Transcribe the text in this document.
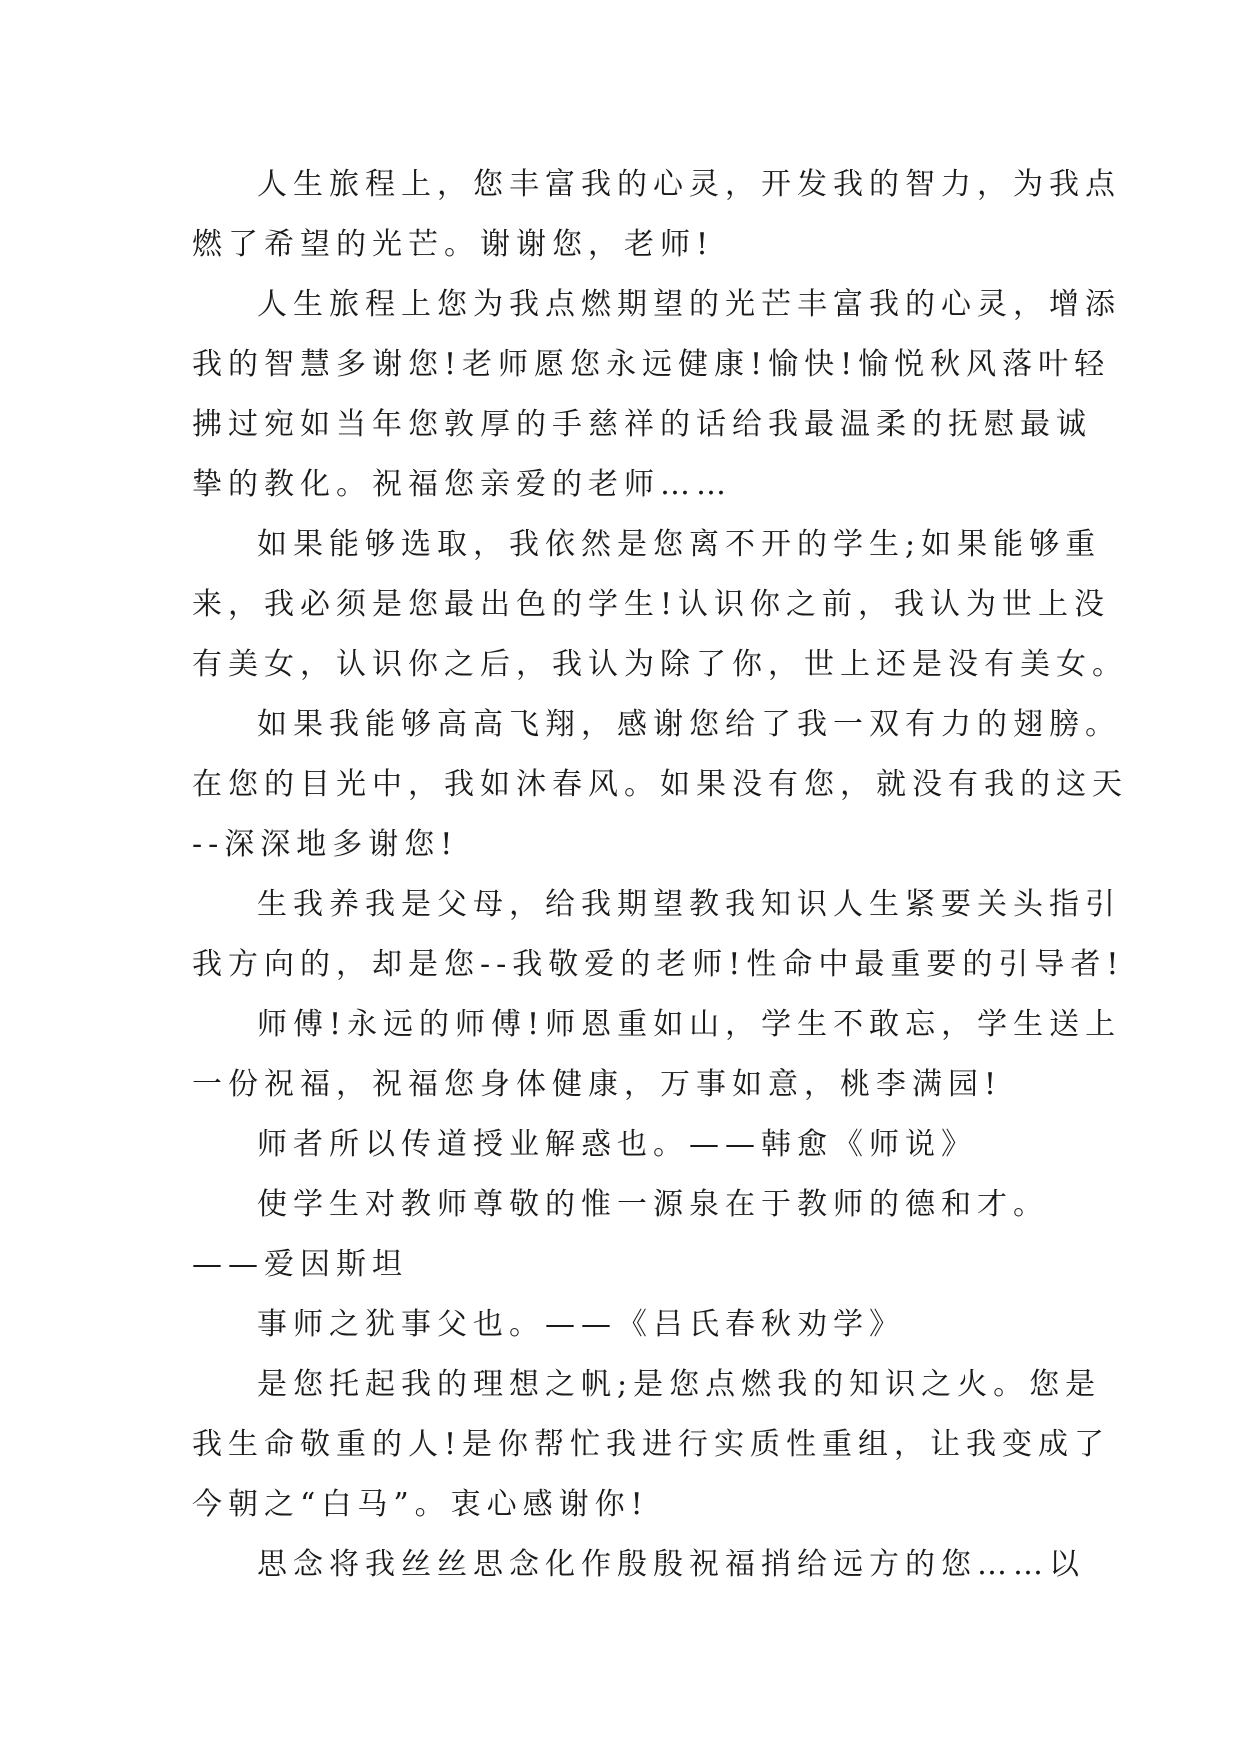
人生旅程上，您丰富我的心灵，开发我的智力，为我点
燃了希望的光芒。谢谢您，老师!
人生旅程上您为我点燃期望的光芒丰富我的心灵，增添
我的智慧多谢您!老师愿您永远健康!愉快!愉悦秋风落叶轻
拂过宛如当年您敦厚的手慈祥的话给我最温柔的抚慰最诚
挚的教化。祝福您亲爱的老师……
如果能够选取，我依然是您离不开的学生;如果能够重
来，我必须是您最出色的学生!认识你之前，我认为世上没
有美女，认识你之后，我认为除了你，世上还是没有美女。
如果我能够高高飞翔，感谢您给了我一双有力的翅膀。
在您的目光中，我如沐春风。如果没有您，就没有我的这天
--深深地多谢您!
生我养我是父母，给我期望教我知识人生紧要关头指引
我方向的，却是您--我敬爱的老师!性命中最重要的引导者!
师傅!永远的师傅!师恩重如山，学生不敢忘，学生送上
一份祝福，祝福您身体健康，万事如意，桃李满园!
师者所以传道授业解惑也。——韩愈《师说》
使学生对教师尊敬的惟一源泉在于教师的德和才。
——爱因斯坦
事师之犹事父也。——《吕氏春秋劝学》
是您托起我的理想之帆;是您点燃我的知识之火。您是
我生命敬重的人!是你帮忙我进行实质性重组，让我变成了
今朝之“白马”。衷心感谢你!
思念将我丝丝思念化作殷殷祝福捎给远方的您……以
